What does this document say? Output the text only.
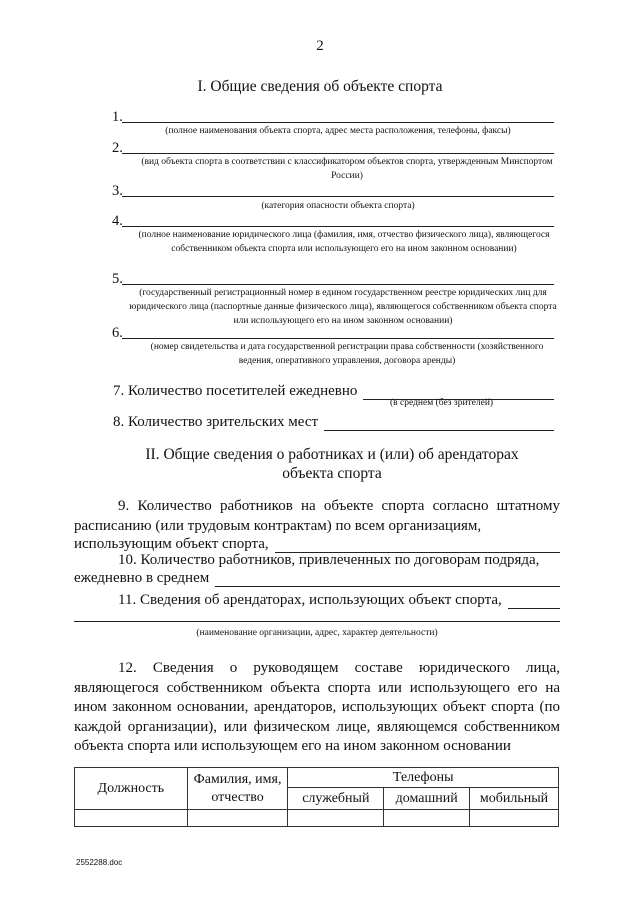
2
I. Общие сведения об объекте спорта
1.
(полное наименования объекта спорта, адрес места расположения, телефоны, факсы)
2.
(вид объекта спорта в соответствии с классификатором объектов спорта, утвержденным Минспортом России)
3.
(категория опасности объекта спорта)
4.
(полное наименование юридического лица (фамилия, имя, отчество физического лица), являющегося собственником объекта спорта или использующего его на ином законном основании)
5.
(государственный регистрационный номер в едином государственном реестре юридических лиц для юридического лица (паспортные данные физического лица), являющегося собственником объекта спорта или использующего его на ином законном основании)
6.
(номер свидетельства и дата государственной регистрации права собственности (хозяйственного ведения, оперативного управления, договора аренды)
7. Количество посетителей ежедневно
(в среднем (без зрителей)
8. Количество зрительских мест
II. Общие сведения о работниках и (или) об арендаторах
объекта спорта
9. Количество работников на объекте спорта согласно штатному расписанию (или трудовым контрактам) по всем организациям,
использующим объект спорта,
10. Количество работников, привлеченных по договорам подряда,
ежедневно в среднем
11. Сведения об арендаторах, использующих объект спорта,
(наименование организации, адрес, характер деятельности)
12. Сведения о руководящем составе юридического лица, являющегося собственником объекта спорта или использующего его на ином законном основании, арендаторов, использующих объект спорта (по каждой организации), или физическом лице, являющемся собственником объекта спорта или использующем его на ином законном основании
Должность	Фамилия, имя, отчество	Телефоны		
		служебный	домашний	мобильный

2552288.doc
